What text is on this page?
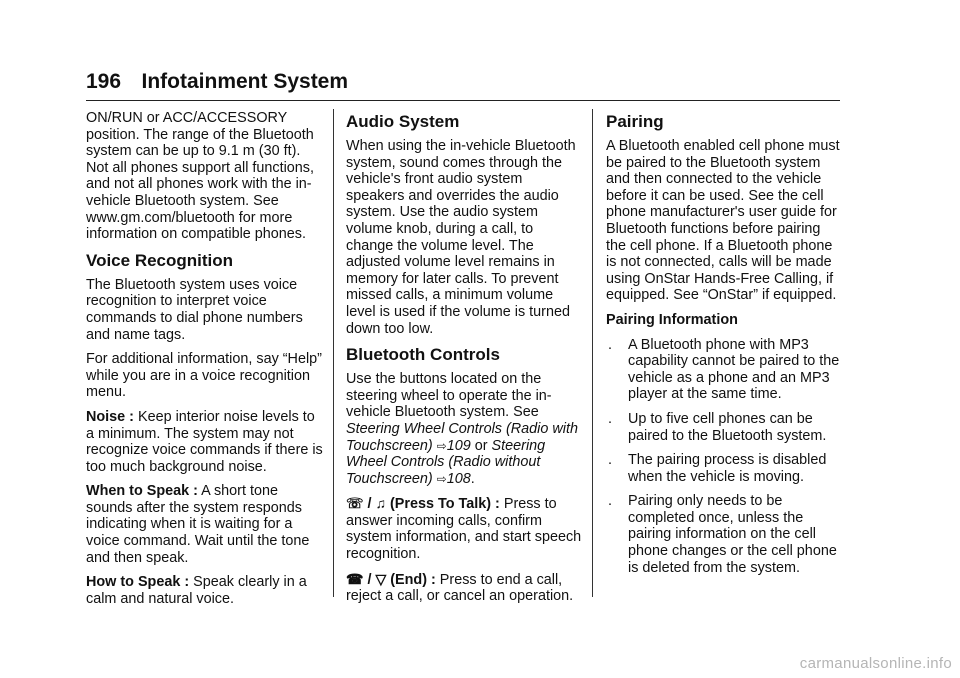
196 Infotainment System

ON/RUN or ACC/ACCESSORY position. The range of the Bluetooth system can be up to 9.1 m (30 ft). Not all phones support all functions, and not all phones work with the in-vehicle Bluetooth system. See www.gm.com/bluetooth for more information on compatible phones.

Voice Recognition

The Bluetooth system uses voice recognition to interpret voice commands to dial phone numbers and name tags.

For additional information, say “Help” while you are in a voice recognition menu.

Noise : Keep interior noise levels to a minimum. The system may not recognize voice commands if there is too much background noise.

When to Speak : A short tone sounds after the system responds indicating when it is waiting for a voice command. Wait until the tone and then speak.

How to Speak : Speak clearly in a calm and natural voice.

Audio System

When using the in-vehicle Bluetooth system, sound comes through the vehicle's front audio system speakers and overrides the audio system. Use the audio system volume knob, during a call, to change the volume level. The adjusted volume level remains in memory for later calls. To prevent missed calls, a minimum volume level is used if the volume is turned down too low.

Bluetooth Controls

Use the buttons located on the steering wheel to operate the in-vehicle Bluetooth system. See Steering Wheel Controls (Radio with Touchscreen) ⇨109 or Steering Wheel Controls (Radio without Touchscreen) ⇨108.

☏ / ♫ (Press To Talk) : Press to answer incoming calls, confirm system information, and start speech recognition.

☎ / ▽ (End) : Press to end a call, reject a call, or cancel an operation.

Pairing

A Bluetooth enabled cell phone must be paired to the Bluetooth system and then connected to the vehicle before it can be used. See the cell phone manufacturer's user guide for Bluetooth functions before pairing the cell phone. If a Bluetooth phone is not connected, calls will be made using OnStar Hands-Free Calling, if equipped. See “OnStar” if equipped.

Pairing Information

. A Bluetooth phone with MP3 capability cannot be paired to the vehicle as a phone and an MP3 player at the same time.
. Up to five cell phones can be paired to the Bluetooth system.
. The pairing process is disabled when the vehicle is moving.
. Pairing only needs to be completed once, unless the pairing information on the cell phone changes or the cell phone is deleted from the system.
carmanualsonline.info
